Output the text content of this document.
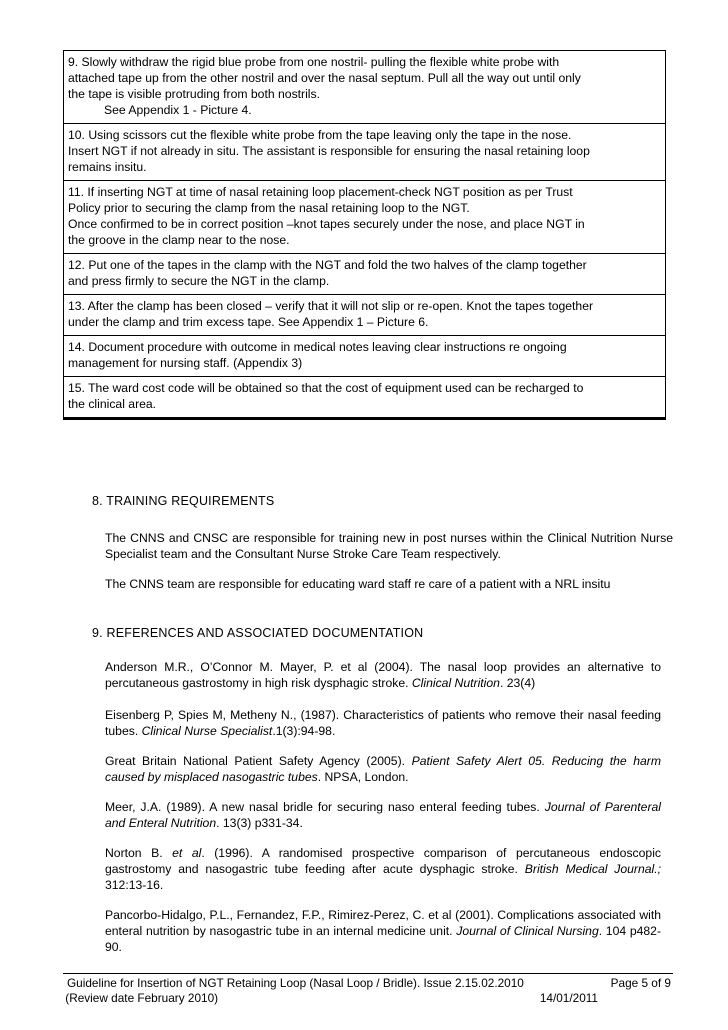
9. Slowly withdraw the rigid blue probe from one nostril- pulling the flexible white probe with

attached tape up from the other nostril and over the nasal septum. Pull all the way out until only

the tape is visible protruding from both nostrils.

See Appendix 1 - Picture 4.

10. Using scissors cut the flexible white probe from the tape leaving only the tape in the nose.

Insert NGT if not already in situ. The assistant is responsible for ensuring the nasal retaining loop

remains insitu.

11. If inserting NGT at time of nasal retaining loop placement-check NGT position as per Trust

Policy prior to securing the clamp from the nasal retaining loop to the NGT.

Once confirmed to be in correct position –knot tapes securely under the nose, and place NGT in

the groove in the clamp near to the nose.

12. Put one of the tapes in the clamp with the NGT and fold the two halves of the clamp together

and press firmly to secure the NGT in the clamp.

13. After the clamp has been closed – verify that it will not slip or re-open. Knot the tapes together

under the clamp and trim excess tape. See Appendix 1 – Picture 6.

14. Document procedure with outcome in medical notes leaving clear instructions re ongoing

management for nursing staff. (Appendix 3)

15. The ward cost code will be obtained so that the cost of equipment used can be recharged to

the clinical area.

8. TRAINING REQUIREMENTS

The CNNS and CNSC are responsible for training new in post nurses within the Clinical Nutrition Nurse Specialist team and the Consultant Nurse Stroke Care Team respectively.

The CNNS team are responsible for educating ward staff re care of a patient with a NRL insitu

9. REFERENCES AND ASSOCIATED DOCUMENTATION

Anderson M.R., O’Connor M. Mayer, P. et al (2004). The nasal loop provides an alternative to percutaneous gastrostomy in high risk dysphagic stroke. Clinical Nutrition. 23(4)

Eisenberg P, Spies M, Metheny N., (1987). Characteristics of patients who remove their nasal feeding tubes. Clinical Nurse Specialist.1(3):94-98.

Great Britain National Patient Safety Agency (2005). Patient Safety Alert 05. Reducing the harm caused by misplaced nasogastric tubes. NPSA, London.

Meer, J.A. (1989). A new nasal bridle for securing naso enteral feeding tubes. Journal of Parenteral and Enteral Nutrition. 13(3) p331-34.

Norton B. et al. (1996). A randomised prospective comparison of percutaneous endoscopic gastrostomy and nasogastric tube feeding after acute dysphagic stroke. British Medical Journal.; 312:13-16.

Pancorbo-Hidalgo, P.L., Fernandez, F.P., Rimirez-Perez, C. et al (2001). Complications associated with enteral nutrition by nasogastric tube in an internal medicine unit. Journal of Clinical Nursing. 104 p482-90.

Guideline for Insertion of NGT Retaining Loop (Nasal Loop / Bridle). Issue 2.15.02.2010	Page 5 of 9
(Review date February 2010)	14/01/2011
